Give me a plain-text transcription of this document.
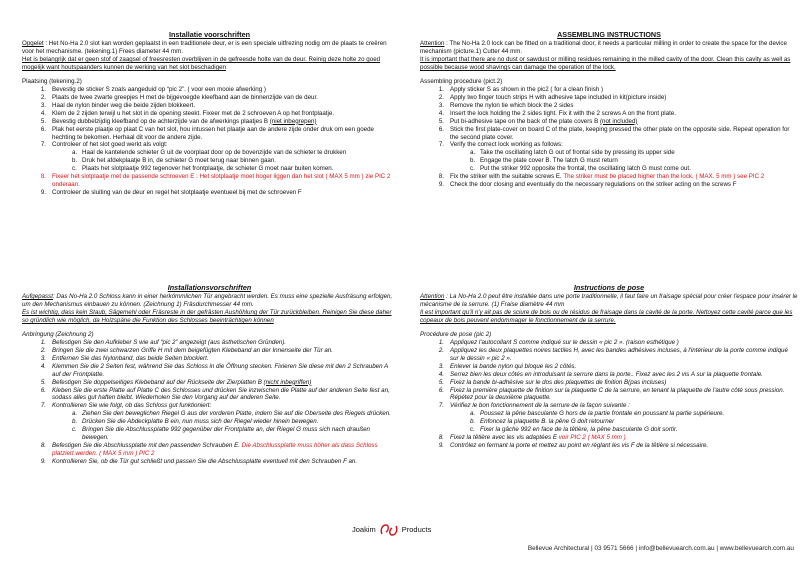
Installatie voorschriften

Opgelet : Het No-Ha 2.0 slot kan worden geplaatst in een traditionele deur, er is een speciale uitfrezing nodig om de plaats te creëren voor het mechanisme. (tekening.1) Frees diameter 44 mm.

Het is belangrijk dat er geen stof of zaagsel of freesresten overblijven in de gefreesde holte van de deur. Reinig deze holte zo goed mogelijk want houtspaanders kunnen de werking van het slot beschadigen

Plaatsing (tekening.2)

1. Bevestig de sticker S zoals aangeduid op “pic 2”. ( voor een mooie afwerking )
2. Plaats de twee zwarte greepjes H met de bijgevoegde kleefband aan de binnenzijde van de deur.
3. Haal de nylon binder weg die beide zijden blokkeert.
4. Klem de 2 zijden terwijl u het slot in de opening steekt. Fixeer met de 2 schroeven A op het frontplaatje.
5. Bevestig dubbelzijdig kleefband op de achterzijde van de afwerkings plaatjes B (niet inbegrepen)
6. Plak het eerste plaatje op plaat C van het slot, hou intussen het plaatje aan de andere zijde onder druk om een goede hechting te bekomen. Herhaal dit voor de andere zijde.
7. Controleer of het slot goed werkt als volgt:
a. Haal de kantelende schieter G uit de voorplaat door op de bovenzijde van de schieter te drukken
b. Druk het afdekplaatje B in, de schieter G moet terug naar binnen gaan.
c. Plaats het slotplaatje 992 tegenover het frontplaatje, de schieter G moet naar buiten komen.
8. Fixeer het slotplaatje met de passende schroeven E : Het slotplaatje moet hoger liggen dan het slot ( MAX 5 mm ) zie PIC 2 onderaan.
9. Controleer de sluiting van de deur en regel het slotplaatje eventueel bij met de schroeven F
ASSEMBLING INSTRUCTIONS

Attention : The No-Ha 2.0 lock can be fitted on a traditional door, it needs a particular milling in order to create the space for the device mechanism (picture.1) Cutter 44 mm.

It is important that there are no dust or sawdust or milling residues remaining in the milled cavity of the door. Clean this cavity as well as possible because wood shavings can damage the operation of the lock.

Assembling procedure (pict.2)

1. Apply sticker S as shown in the pic2 ( for a clean finish )
2. Apply two finger touch strips H with adhesive tape included in kit(picture inside)
3. Remove the nylon tie which block the 2 sides
4. Insert the lock holding the 2 sides tight. Fix it with the 2 screws A on the front plate.
5. Put bi-adhesive tape on the back of the plate covers B (not included)
6. Stick the first plate-cover on board C of the plate, keeping pressed the other plate on the opposite side. Repeat operation for the second plate cover.
7. Verify the correct lock working as follows:
a. Take the oscillating latch G out of frontal side by pressing its upper side
b. Engage the plate cover B. The latch G must return
c. Put the striker 992 opposite the frontal, the oscillating latch G must come out.
8. Fix the striker with the suitable screws E. The striker must be placed higher than the lock. ( MAX. 5 mm ) see PIC 2
9. Check the door closing and eventually do the necessary regulations on the striker acting on the screws F
Installationsvorschriften

Aufgepasst: Das No-Ha 2.0 Schloss kann in einer herkömmlichen Tür angebracht werden. Es muss eine spezielle Ausfräsung erfolgen, um den Mechanismus einbauen zu können. (Zeichnung 1) Fräsdurchmesser 44 mm.

Es ist wichtig, dass kein Staub, Sägemehl oder Fräsreste in der gefrästen Aushöhlung der Tür zurückbleiben. Reinigen Sie diese daher so gründlich wie möglich, da Holzspäne die Funktion des Schlosses beeinträchtigen können

Anbringung (Zeichnung 2)

1. Befestigen Sie den Aufkleber S wie auf “pic 2” angezeigt (aus ästhetischen Gründen).
2. Bringen Sie die zwei schwarzen Griffe H mit dem beigefügten Klebeband an der Innenseite der Tür an.
3. Entfernen Sie das Nylonband, das beide Seiten blockiert.
4. Klemmen Sie die 2 Seiten fest, während Sie das Schloss in die Öffnung stecken. Fixieren Sie diese mit den 2 Schrauben A auf der Frontplatte.
5. Befestigen Sie doppelseitiges Klebeband auf der Rückseite der Zierplatten B (nicht inbegriffen)
6. Kleben Sie die erste Platte auf Platte C des Schlosses und drücken Sie inzwischen die Platte auf der anderen Seite fest an, sodass alles gut haften bleibt. Wiederholen Sie den Vorgang auf der anderen Seite.
7. Kontrollieren Sie wie folgt, ob das Schloss gut funktioniert:
a. Ziehen Sie den beweglichen Riegel G aus der vorderen Platte, indem Sie auf die Oberseite des Riegels drücken.
b. Drücken Sie die Abdeckplatte B ein, nun muss sich der Riegel wieder hinein bewegen.
c. Bringen Sie die Abschlussplatte 992 gegenüber der Frontplatte an, der Riegel G muss sich nach draußen bewegen.
8. Befestigen Sie die Abschlussplatte mit den passenden Schrauben E. Die Abschlussplatte muss höher als dass Schloss platziert werden. ( MAX 5 mm ) PIC 2
9. Kontrollieren Sie, ob die Tür gut schließt und passen Sie die Abschlussplatte eventuell mit den Schrauben F an.
Instructions de pose

Attention : La No-Ha 2.0 peut être installée dans une porte traditionnelle, il faut faire un fraisage spécial pour créer l'espace pour insérer le mécanisme de la serrure. (1) Fraise diamètre 44 mm

Il est important qu'il n'y ait pas de sciure de bois ou de résidus de fraisage dans la cavité de la porte. Nettoyez cette cavité parce que les copeaux de bois peuvent endommager le fonctionnement de la serrure.

Procédure de pose (pic 2)

1. Appliquez l'autocollant S comme indiqué sur le dessin « pic 2 ». (raison esthétique )
2. Appliquez les deux plaquettes noires tactiles H, avec les bandes adhésives incluses, à l'intérieur de la porte comme indiqué sur le dessin « pic 2 ».
3. Enlever la bande nylon qui bloque les 2 côtés.
4. Serrez bien les deux côtés en introduisant la serrure dans la porte.. Fixez avec les 2 vis A sur la plaquette frontale.
5. Fixez la bande bi-adhésive sur le dos des plaquettes de finition B(pas incluses)
6. Fixez la première plaquette de finition sur la plaquette C de la serrure, en tenant la plaquette de l'autre côté sous pression. Répétez pour la deuxième plaquette.
7. Vérifiez le bon fonctionnement de la serrure de la façon suivante :
a. Poussez la pêne basculante G hors de la partie frontale en poussant la partie supérieure.
b. Enfoncez la plaquette B. la pêne G doit retourner
c. Fixer la gâche 992 en face de la têtière, la pêne basculante G doit sortir.
8. Fixez la têtière avec les vis adaptées E voir PIC 2 ( MAX 5 mm )
9. Contrôlez en fermant la porte et mettez au point en réglant les vis F de la têtière si nécessaire.
Joakim	Products
Bellevue Architectural | 03 9571 5666 | info@bellevuearch.com.au | www.bellevuearch.com.au
